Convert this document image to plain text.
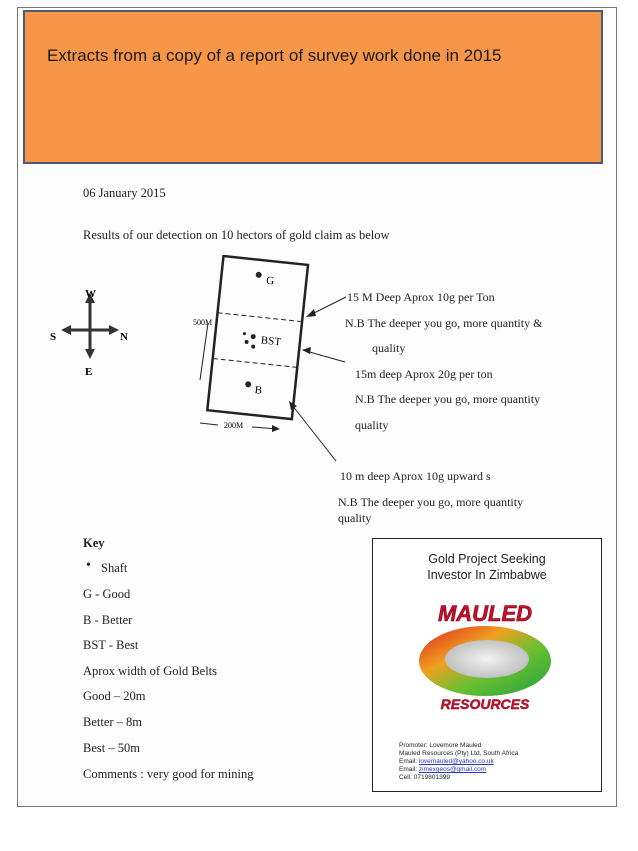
Extracts from a copy of a report of survey work done in 2015
06 January 2015
Results of our detection on 10 hectors of gold claim as below
W
E
S	N
G
BST
B
500M
200M
15 M Deep Aprox 10g per Ton
N.B The deeper you go, more quantity &
quality
15m deep Aprox 20g per ton
N.B The deeper you go, more quantity
quality
10 m deep Aprox 10g upward s
N.B The deeper you go, more quantity
quality
Key
• Shaft
G - Good
B - Better
BST - Best
Aprox width of Gold Belts
Good – 20m
Better – 8m
Best – 50m
Comments : very good for mining
Gold Project Seeking
Investor In Zimbabwe
MAULED
RESOURCES
Promoter: Lovemore Mauled
Mauled Resources (Pty) Ltd, South Africa
Email: lovemauled@yahoo.co.uk
Email: zimexgeos@gmail.com
Cell: 0719801399
